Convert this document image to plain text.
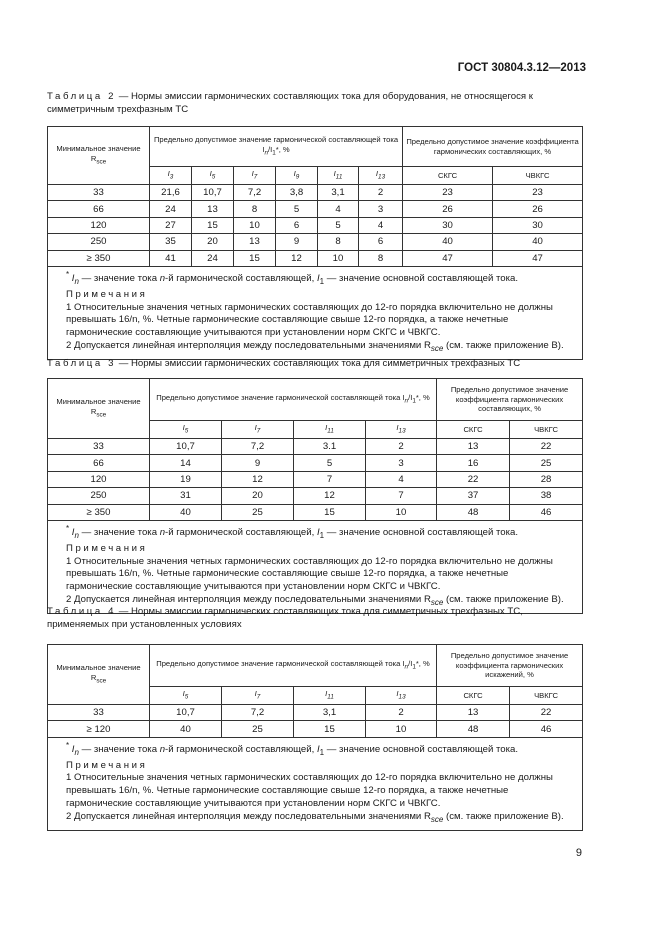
ГОСТ 30804.3.12—2013
Таблица 2 — Нормы эмиссии гармонических составляющих тока для оборудования, не относящегося к симметричным трехфазным ТС
Минимальное значение $R_{sce}$	Предельно допустимое значение гармонической составляющей тока $I_n/I_1*$, %						Предельно допустимое значение коэффициента гармонических составляющих, %	
	$I_3$	$I_5$	$I_7$	$I_9$	$I_{11}$	$I_{13}$	СКГС	ЧВКГС
33	21,6	10,7	7,2	3,8	3,1	2	23	23
66	24	13	8	5	4	3	26	26
120	27	15	10	6	5	4	30	30
250	35	20	13	9	8	6	40	40
≥ 350	41	24	15	12	10	8	47	47

* $I_n$ — значение тока n-й гармонической составляющей, $I_1$ — значение основной составляющей тока.
Примечания
1 Относительные значения четных гармонических составляющих до 12-го порядка включительно не должны превышать 16/n, %. Четные гармонические составляющие свыше 12-го порядка, а также нечетные гармонические составляющие учитываются при установлении норм СКГС и ЧВКГС.
2 Допускается линейная интерполяция между последовательными значениями $R_{sce}$ (см. также приложение В).								
Таблица 3 — Нормы эмиссии гармонических составляющих тока для симметричных трехфазных ТС
Минимальное значение $R_{sce}$	Предельно допустимое значение гармонической составляющей тока $I_n/I_1*$, %				Предельно допустимое значение коэффициента гармонических составляющих, %	
	$I_5$	$I_7$	$I_{11}$	$I_{13}$	СКГС	ЧВКГС
33	10,7	7,2	3.1	2	13	22
66	14	9	5	3	16	25
120	19	12	7	4	22	28
250	31	20	12	7	37	38
≥ 350	40	25	15	10	48	46

* $I_n$ — значение тока n-й гармонической составляющей, $I_1$ — значение основной составляющей тока.
Примечания
1 Относительные значения четных гармонических составляющих до 12-го порядка включительно не должны превышать 16/n, %. Четные гармонические составляющие свыше 12-го порядка, а также нечетные гармонические составляющие учитываются при установлении норм СКГС и ЧВКГС.
2 Допускается линейная интерполяция между последовательными значениями $R_{sce}$ (см. также приложение В).						
Таблица 4 — Нормы эмиссии гармонических составляющих тока для симметричных трехфазных ТС, применяемых при установленных условиях
Минимальное значение $R_{sce}$	Предельно допустимое значение гармонической составляющей тока $I_n/I_1*$, %				Предельно допустимое значение коэффициента гармонических искажений, %	
	$I_5$	$I_7$	$I_{11}$	$I_{13}$	СКГС	ЧВКГС
33	10,7	7,2	3,1	2	13	22
≥ 120	40	25	15	10	48	46

* $I_n$ — значение тока n-й гармонической составляющей, $I_1$ — значение основной составляющей тока.
Примечания
1 Относительные значения четных гармонических составляющих до 12-го порядка включительно не должны превышать 16/n, %. Четные гармонические составляющие свыше 12-го порядка, а также нечетные гармонические составляющие учитываются при установлении норм СКГС и ЧВКГС.
2 Допускается линейная интерполяция между последовательными значениями $R_{sce}$ (см. также приложение В).						
9
